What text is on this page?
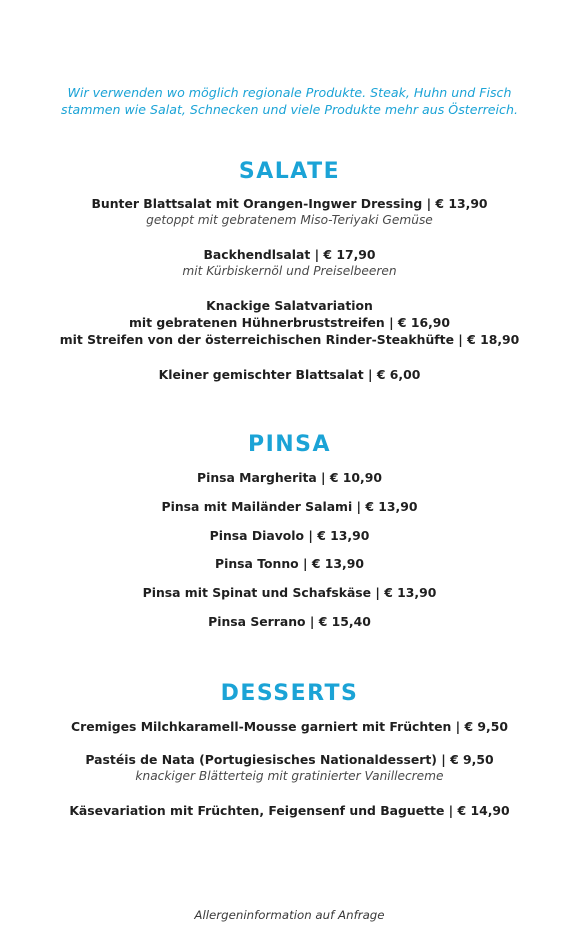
Wir verwenden wo möglich regionale Produkte. Steak, Huhn und Fisch
stammen wie Salat, Schnecken und viele Produkte mehr aus Österreich.
SALATE
Bunter Blattsalat mit Orangen-Ingwer Dressing | € 13,90
getoppt mit gebratenem Miso-Teriyaki Gemüse
Backhendlsalat | € 17,90
mit Kürbiskernöl und Preiselbeeren
Knackige Salatvariation
mit gebratenen Hühnerbruststreifen | € 16,90
mit Streifen von der österreichischen Rinder-Steakhüfte | € 18,90
Kleiner gemischter Blattsalat | € 6,00
PINSA
Pinsa Margherita | € 10,90
Pinsa mit Mailänder Salami | € 13,90
Pinsa Diavolo | € 13,90
Pinsa Tonno | € 13,90
Pinsa mit Spinat und Schafskäse | € 13,90
Pinsa Serrano | € 15,40
DESSERTS
Cremiges Milchkaramell-Mousse garniert mit Früchten | € 9,50
Pastéis de Nata (Portugiesisches Nationaldessert) | € 9,50
knackiger Blätterteig mit gratinierter Vanillecreme
Käsevariation mit Früchten, Feigensenf und Baguette | € 14,90
Allergeninformation auf Anfrage
